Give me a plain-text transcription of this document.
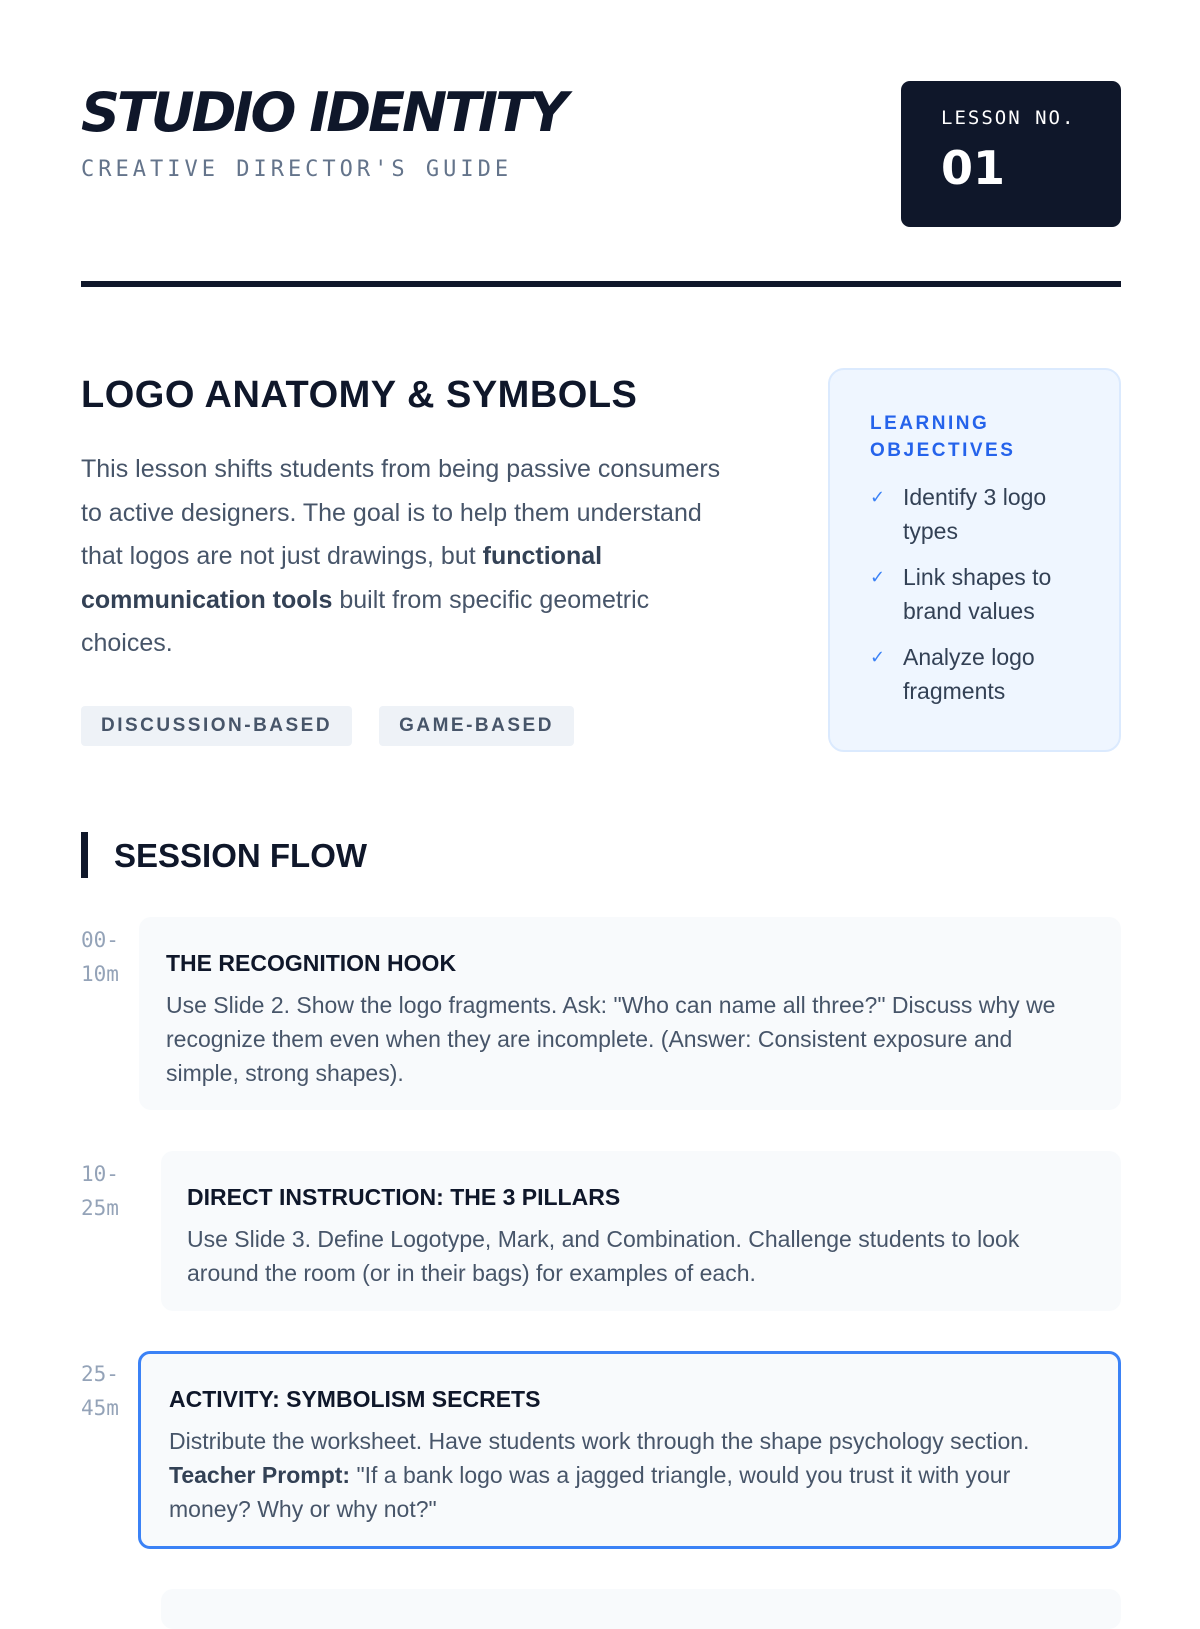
STUDIO IDENTITY
CREATIVE DIRECTOR'S GUIDE
LESSON NO.
01
LOGO ANATOMY & SYMBOLS

This lesson shifts students from being passive consumers to active designers. The goal is to help them understand that logos are not just drawings, but functional communication tools built from specific geometric choices.

DISCUSSION-BASED	GAME-BASED
LEARNING OBJECTIVES
✓ Identify 3 logo types
✓ Link shapes to brand values
✓ Analyze logo fragments
SESSION FLOW
00-10m	THE RECOGNITION HOOK
Use Slide 2. Show the logo fragments. Ask: "Who can name all three?" Discuss why we recognize them even when they are incomplete. (Answer: Consistent exposure and simple, strong shapes).
10-25m	DIRECT INSTRUCTION: THE 3 PILLARS
Use Slide 3. Define Logotype, Mark, and Combination. Challenge students to look around the room (or in their bags) for examples of each.
25-45m	ACTIVITY: SYMBOLISM SECRETS
Distribute the worksheet. Have students work through the shape psychology section. Teacher Prompt: "If a bank logo was a jagged triangle, would you trust it with your money? Why or why not?"
